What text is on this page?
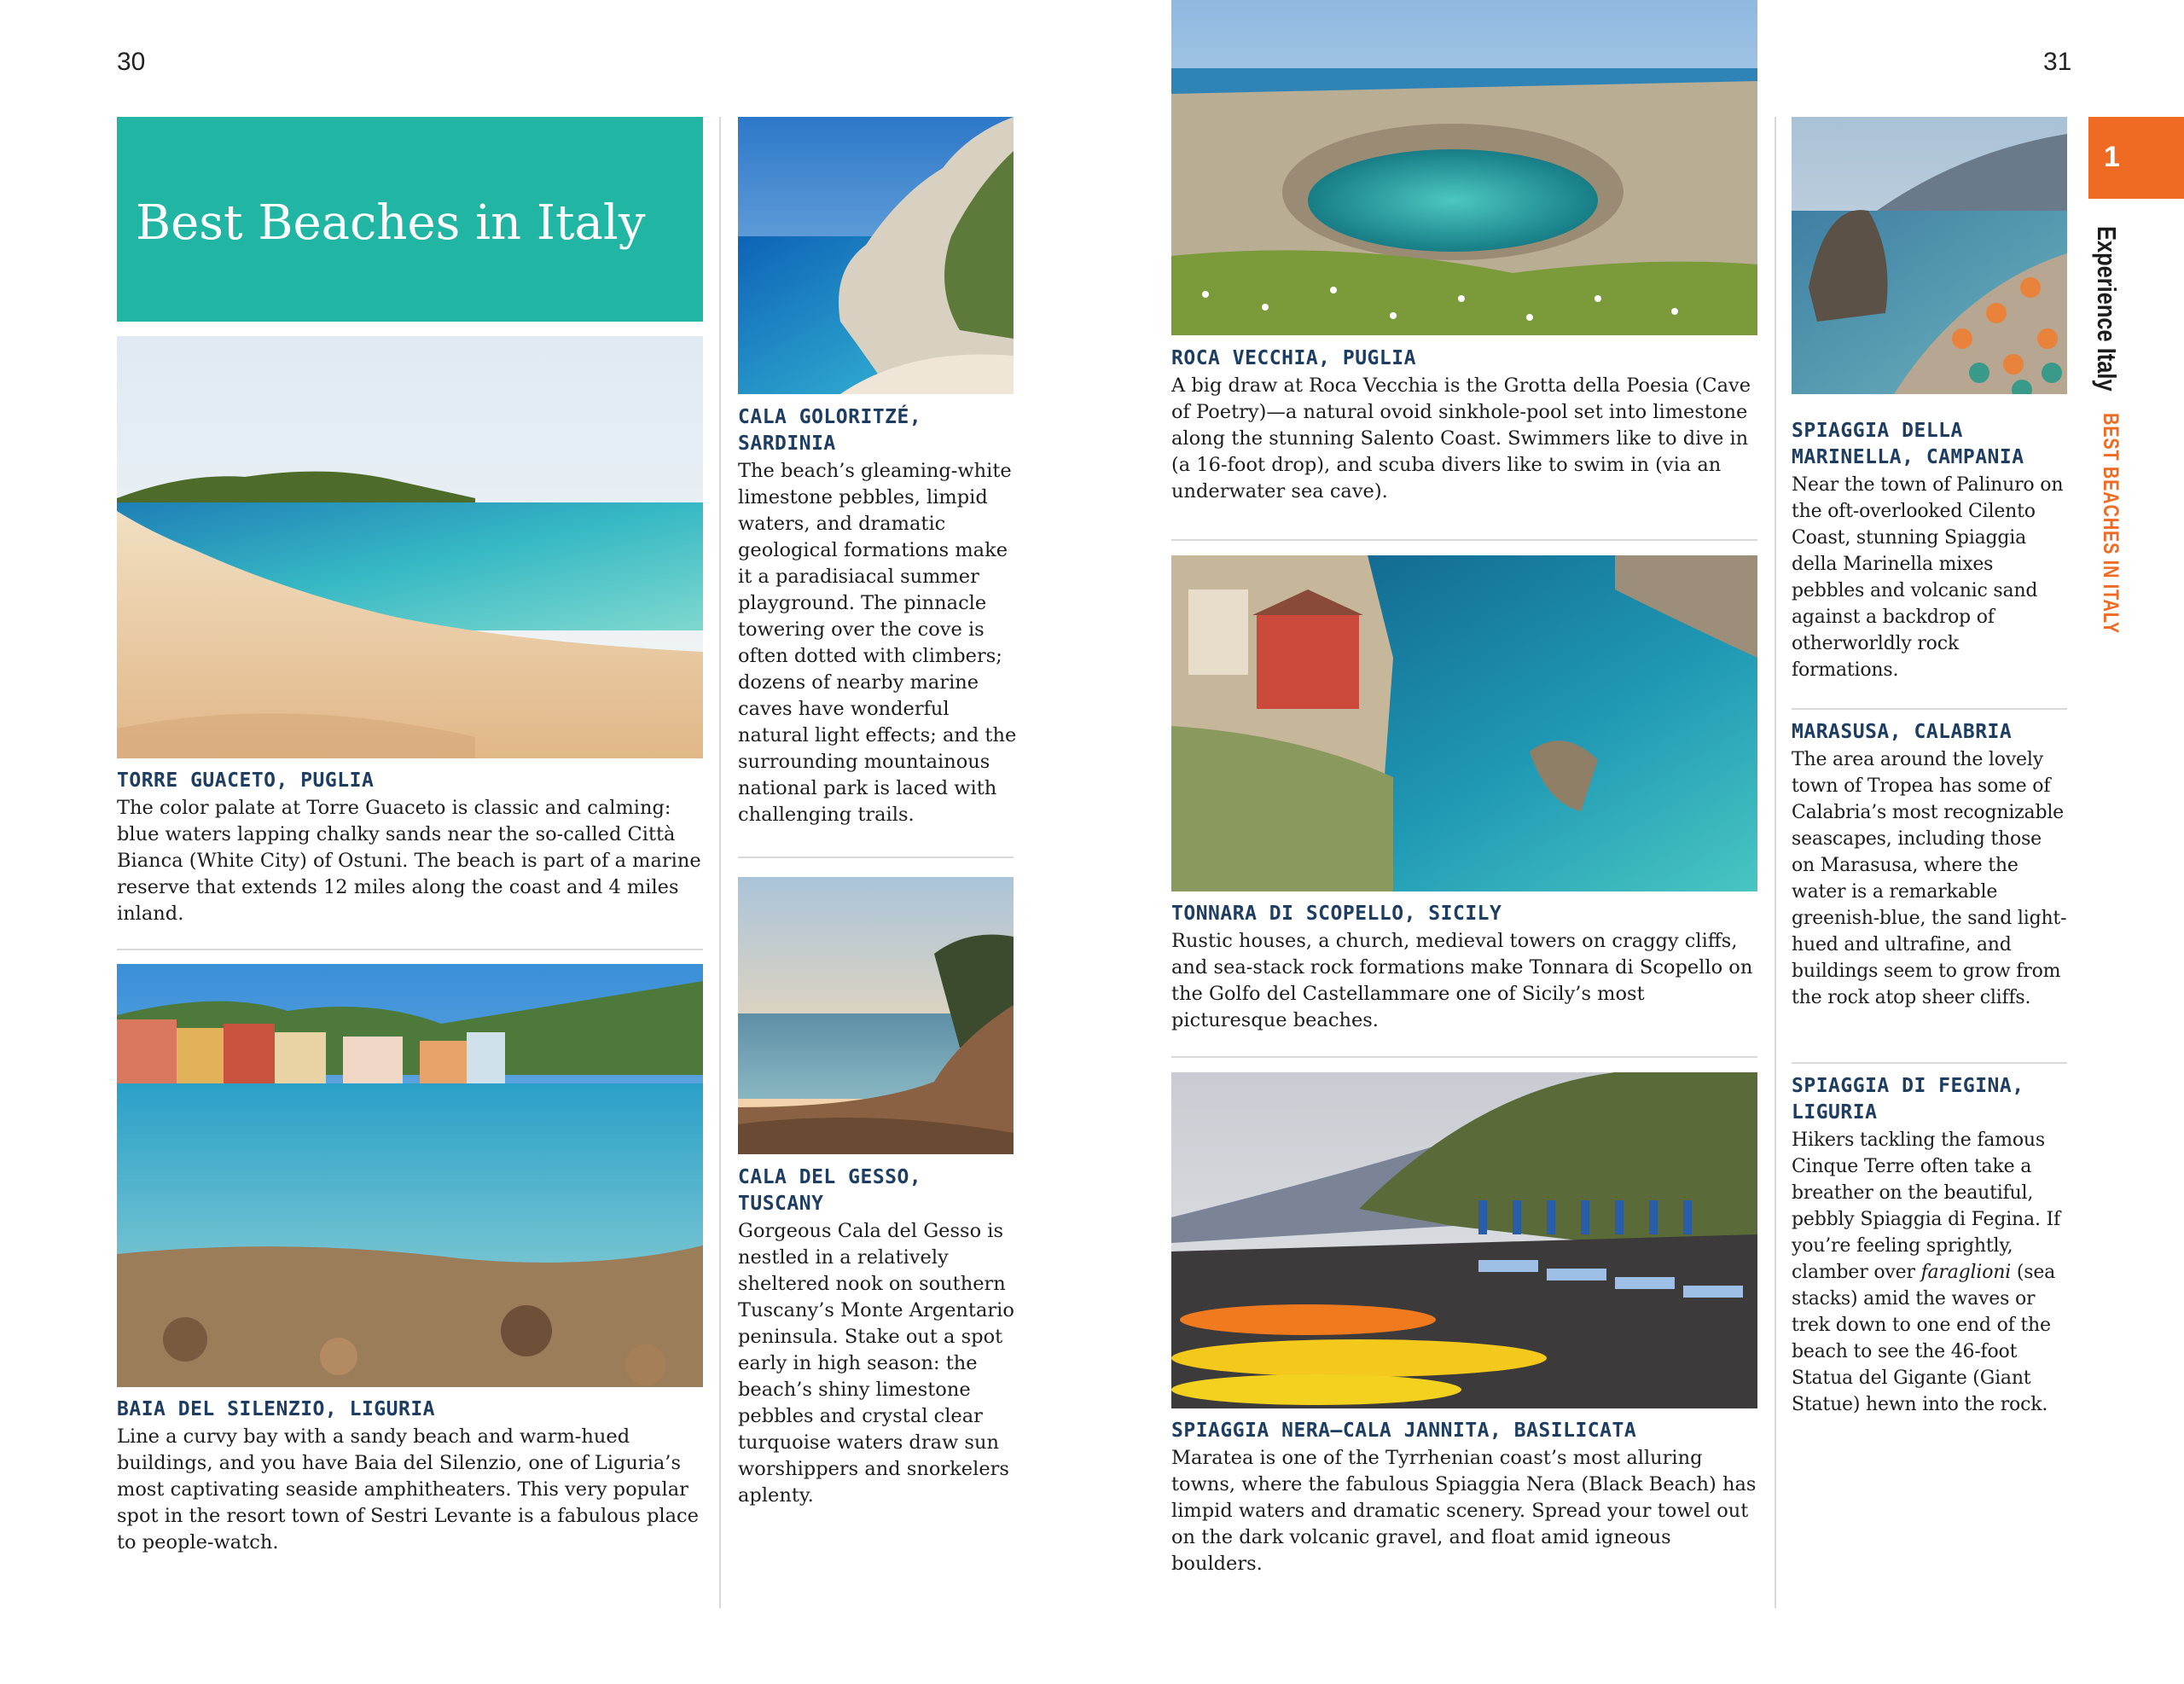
30	31
Best Beaches in Italy
TORRE GUACETO, PUGLIA

The color palate at Torre Guaceto is classic and calming: blue waters lapping chalky sands near the so-called Città Bianca (White City) of Ostuni. The beach is part of a marine reserve that extends 12 miles along the coast and 4 miles inland.

BAIA DEL SILENZIO, LIGURIA

Line a curvy bay with a sandy beach and warm-hued buildings, and you have Baia del Silenzio, one of Liguria’s most captivating seaside amphitheaters. This very popular spot in the resort town of Sestri Levante is a fabulous place to people-watch.

CALA GOLORITZÉ, SARDINIA

The beach’s gleaming-white limestone pebbles, limpid waters, and dramatic geological formations make it a paradisiacal summer playground. The pinnacle towering over the cove is often dotted with climbers; dozens of nearby marine caves have wonderful natural light effects; and the surrounding mountainous national park is laced with challenging trails.

CALA DEL GESSO, TUSCANY

Gorgeous Cala del Gesso is nestled in a relatively sheltered nook on southern Tuscany’s Monte Argentario peninsula. Stake out a spot early in high season: the beach’s shiny limestone pebbles and crystal clear turquoise waters draw sun worshippers and snorkelers aplenty.

ROCA VECCHIA, PUGLIA

A big draw at Roca Vecchia is the Grotta della Poesia (Cave of Poetry)—a natural ovoid sinkhole-pool set into limestone along the stunning Salento Coast. Swimmers like to dive in (a 16-foot drop), and scuba divers like to swim in (via an underwater sea cave).

TONNARA DI SCOPELLO, SICILY

Rustic houses, a church, medieval towers on craggy cliffs, and sea-stack rock formations make Tonnara di Scopello on the Golfo del Castellammare one of Sicily’s most picturesque beaches.

SPIAGGIA NERA–CALA JANNITA, BASILICATA

Maratea is one of the Tyrrhenian coast’s most alluring towns, where the fabulous Spiaggia Nera (Black Beach) has limpid waters and dramatic scenery. Spread your towel out on the dark volcanic gravel, and float amid igneous boulders.

SPIAGGIA DELLA MARINELLA, CAMPANIA

Near the town of Palinuro on the oft-overlooked Cilento Coast, stunning Spiaggia della Marinella mixes pebbles and volcanic sand against a backdrop of otherworldly rock formations.

MARASUSA, CALABRIA

The area around the lovely town of Tropea has some of Calabria’s most recognizable seascapes, including those on Marasusa, where the water is a remarkable greenish-blue, the sand light-hued and ultrafine, and buildings seem to grow from the rock atop sheer cliffs.

SPIAGGIA DI FEGINA, LIGURIA

Hikers tackling the famous Cinque Terre often take a breather on the beautiful, pebbly Spiaggia di Fegina. If you’re feeling sprightly, clamber over faraglioni (sea stacks) amid the waves or trek down to one end of the beach to see the 46-foot Statua del Gigante (Giant Statue) hewn into the rock.

1
Experience Italy
BEST BEACHES IN ITALY
